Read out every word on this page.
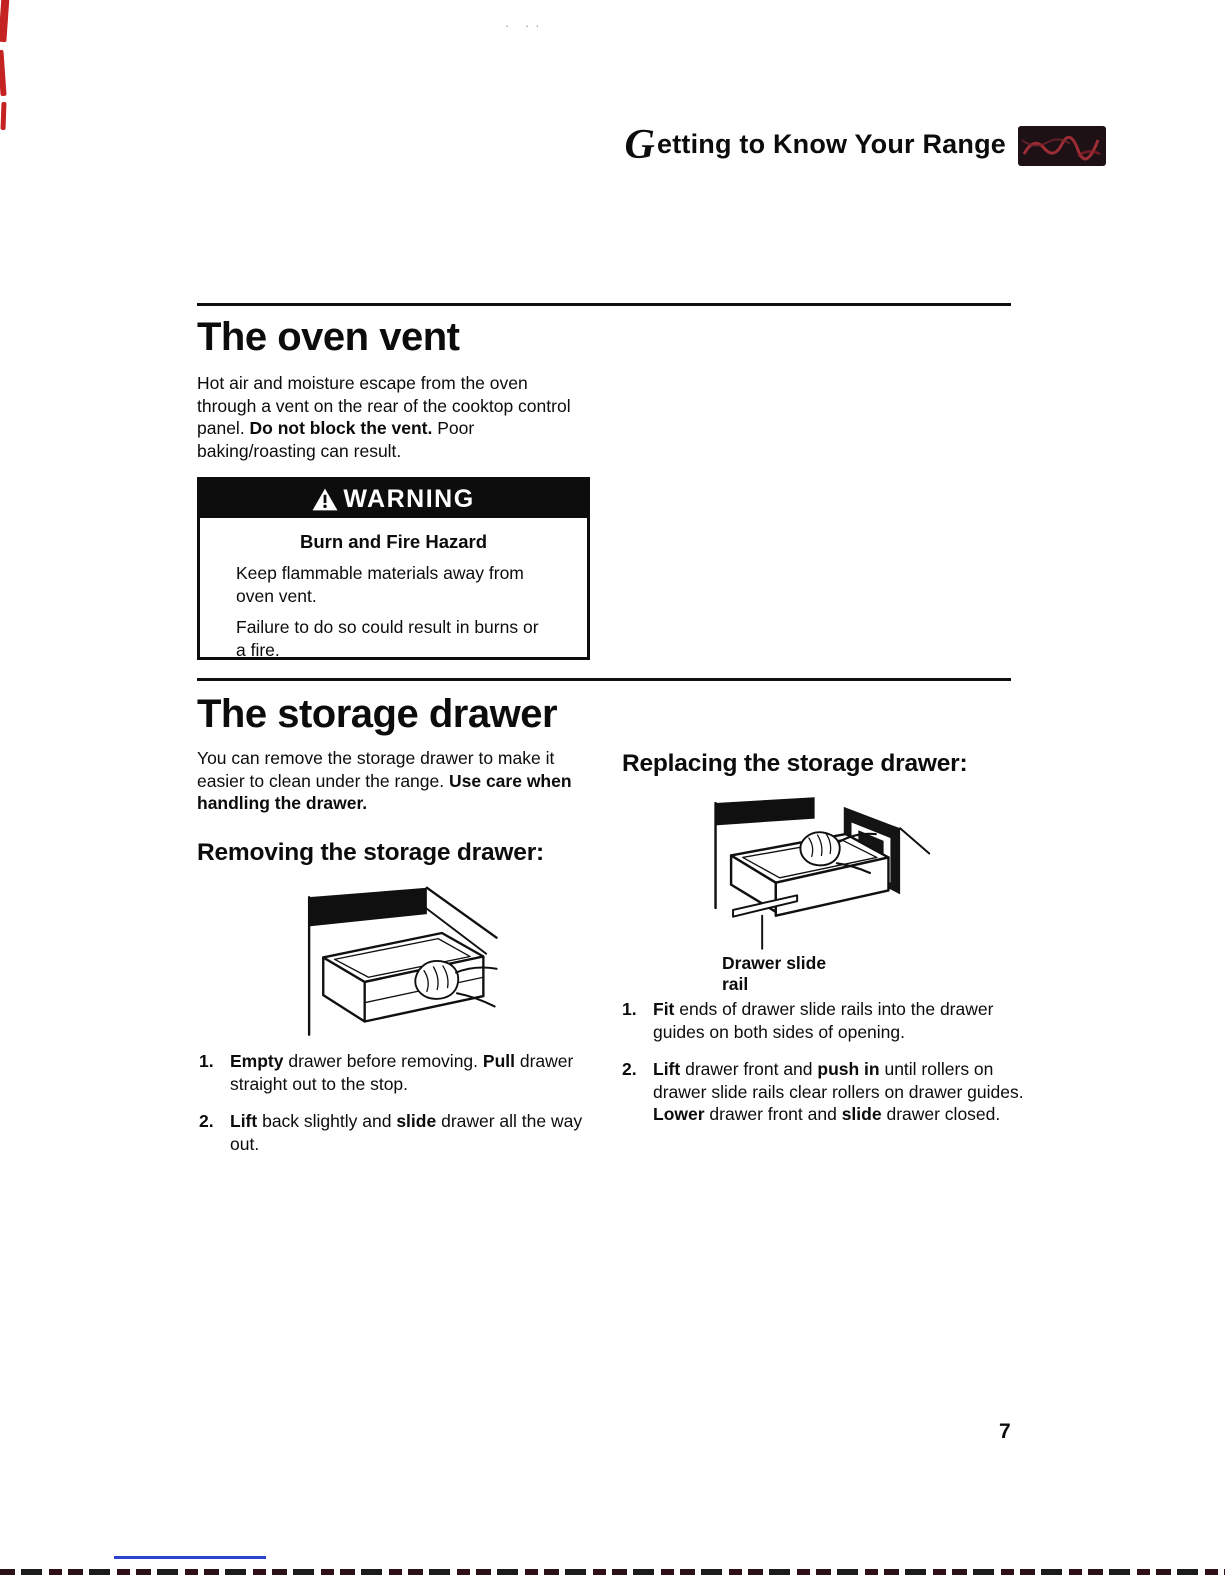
· ··
Getting to Know Your Range
The oven vent

Hot air and moisture escape from the oven through a vent on the rear of the cooktop control panel. Do not block the vent. Poor baking/roasting can result.

WARNING
Burn and Fire Hazard

Keep flammable materials away from oven vent.

Failure to do so could result in burns or a fire.

The storage drawer

You can remove the storage drawer to make it easier to clean under the range. Use care when handling the drawer.

Removing the storage drawer:
1. Empty drawer before removing. Pull drawer straight out to the stop.
2. Lift back slightly and slide drawer all the way out.
Replacing the storage drawer:
Drawer slide
rail
1. Fit ends of drawer slide rails into the drawer guides on both sides of opening.
2. Lift drawer front and push in until rollers on drawer slide rails clear rollers on drawer guides. Lower drawer front and slide drawer closed.
7
